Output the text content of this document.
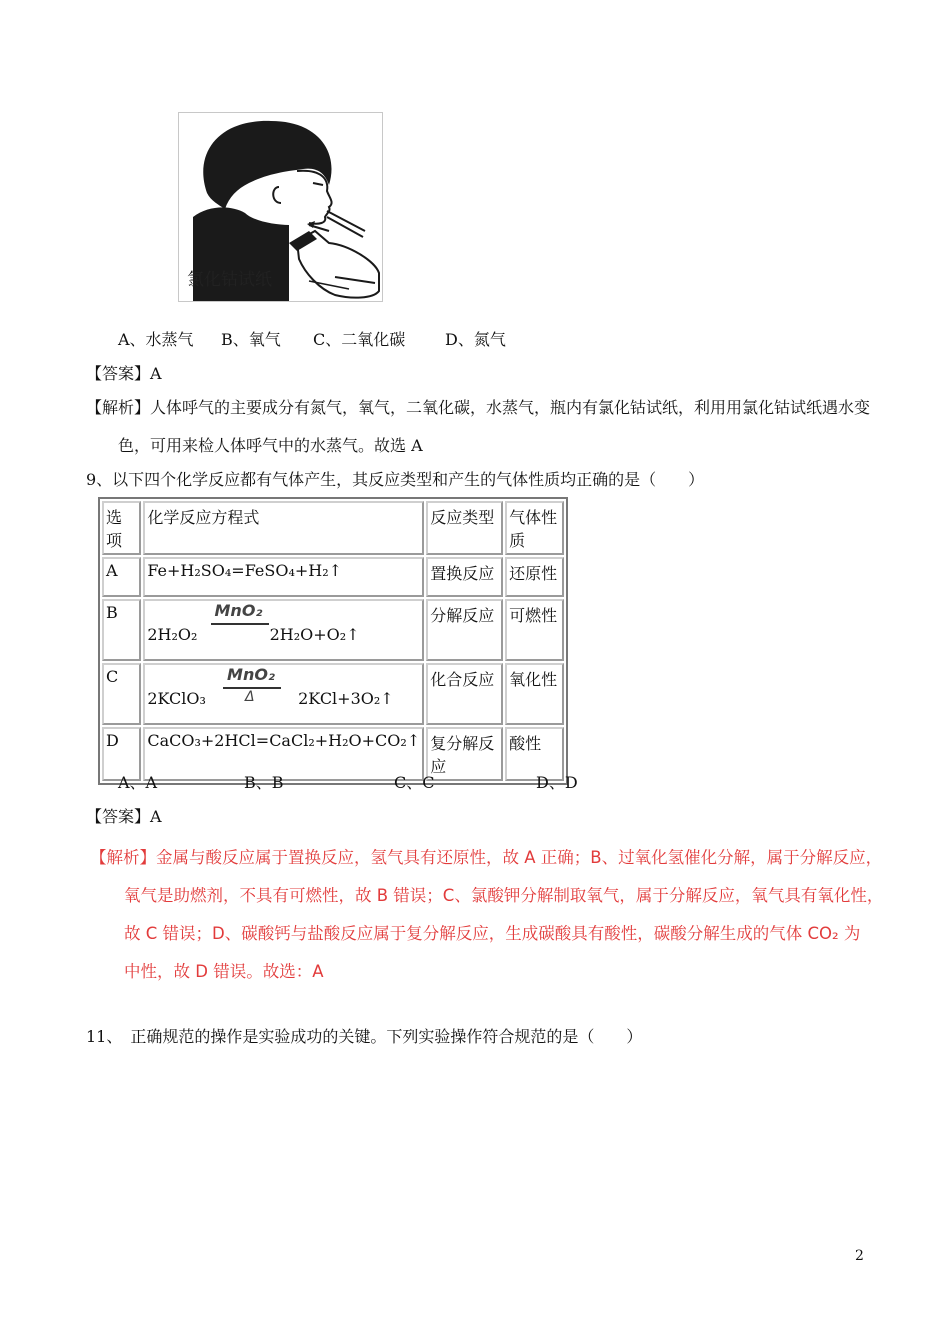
氯化钴试纸
A、水蒸气 B、氧气 C、二氧化碳 D、氮气
【答案】A
【解析】人体呼气的主要成分有氮气，氧气，二氧化碳，水蒸气，瓶内有氯化钴试纸，利用用氯化钴试纸遇水变
色，可用来检人体呼气中的水蒸气。故选 A
9、以下四个化学反应都有气体产生，其反应类型和产生的气体性质均正确的是（　　）
选项	化学反应方程式	反应类型	气体性质
A	Fe+H₂SO₄=FeSO₄+H₂↑	置换反应	还原性
B	2H₂O₂
MnO₂
2H₂O+O₂↑	分解反应	可燃性
C	2KClO₃
MnO₂
Δ 2KCl+3O₂↑	化合反应	氧化性
D	CaCO₃+2HCl=CaCl₂+H₂O+CO₂↑	复分解反应	酸性
A、A	B、B	C、C	D、D
【答案】A
【解析】金属与酸反应属于置换反应，氢气具有还原性，故 A 正确；B、过氧化氢催化分解，属于分解反应，
氧气是助燃剂，不具有可燃性，故 B 错误；C、氯酸钾分解制取氧气，属于分解反应，氧气具有氧化性，
故 C 错误；D、碳酸钙与盐酸反应属于复分解反应，生成碳酸具有酸性，碳酸分解生成的气体 CO₂ 为
中性，故 D 错误。故选：A
11、　正确规范的操作是实验成功的关键。下列实验操作符合规范的是（　　）
2
